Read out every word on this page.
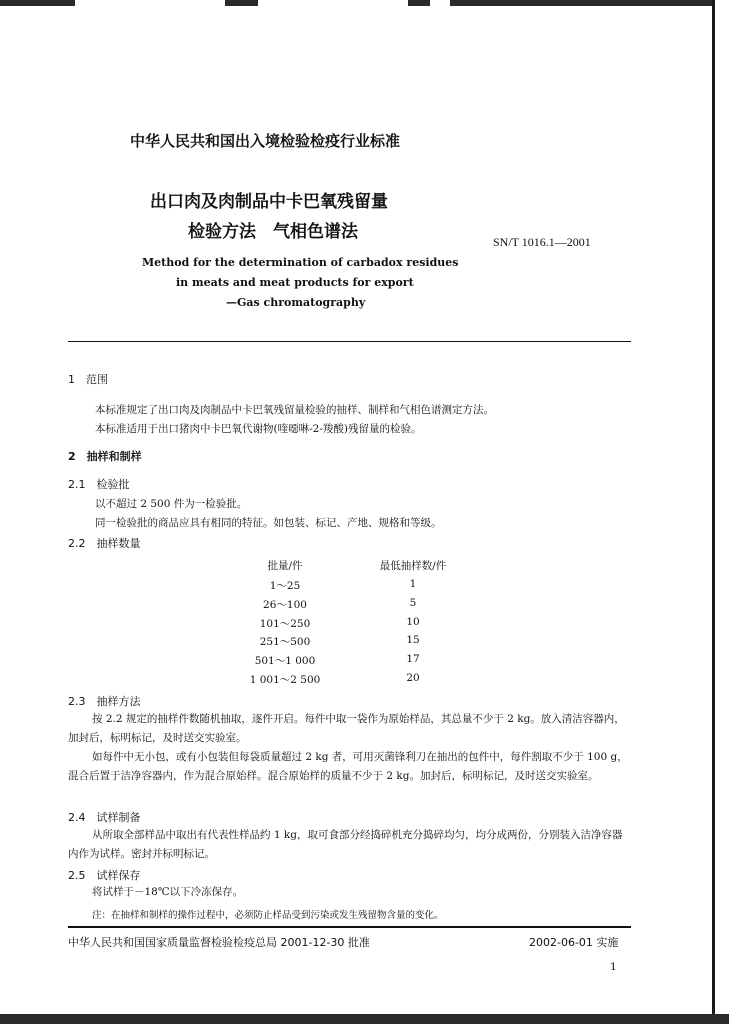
中华人民共和国出入境检验检疫行业标准
出口肉及肉制品中卡巴氧残留量
检验方法　气相色谱法	SN/T 1016.1—2001
Method for the determination of carbadox residues
in meats and meat products for export
—Gas chromatography
1　范围
本标准规定了出口肉及肉制品中卡巴氧残留量检验的抽样、制样和气相色谱测定方法。
本标准适用于出口猪肉中卡巴氧代谢物(喹噁啉-2-羧酸)残留量的检验。
2　抽样和制样
2.1　检验批
以不超过 2 500 件为一检验批。
同一检验批的商品应具有相同的特征。如包装、标记、产地、规格和等级。
2.2　抽样数量
批量/件	最低抽样数/件
1～25	1
26～100	5
101～250	10
251～500	15
501～1 000	17
1 001～2 500	20
2.3　抽样方法
按 2.2 规定的抽样件数随机抽取，逐件开启。每件中取一袋作为原始样品，其总量不少于 2 kg。放入清洁容器内，加封后，标明标记，及时送交实验室。
如每件中无小包，或有小包装但每袋质量超过 2 kg 者，可用灭菌锋利刀在抽出的包件中，每件割取不少于 100 g，混合后置于洁净容器内，作为混合原始样。混合原始样的质量不少于 2 kg。加封后，标明标记，及时送交实验室。
2.4　试样制备
从所取全部样品中取出有代表性样品约 1 kg，取可食部分经捣碎机充分捣碎均匀，均分成两份，分别装入洁净容器内作为试样。密封并标明标记。
2.5　试样保存
将试样于－18℃以下冷冻保存。
注：在抽样和制样的操作过程中，必须防止样品受到污染或发生残留物含量的变化。
中华人民共和国国家质量监督检验检疫总局 2001-12-30 批准	2002-06-01 实施
1
